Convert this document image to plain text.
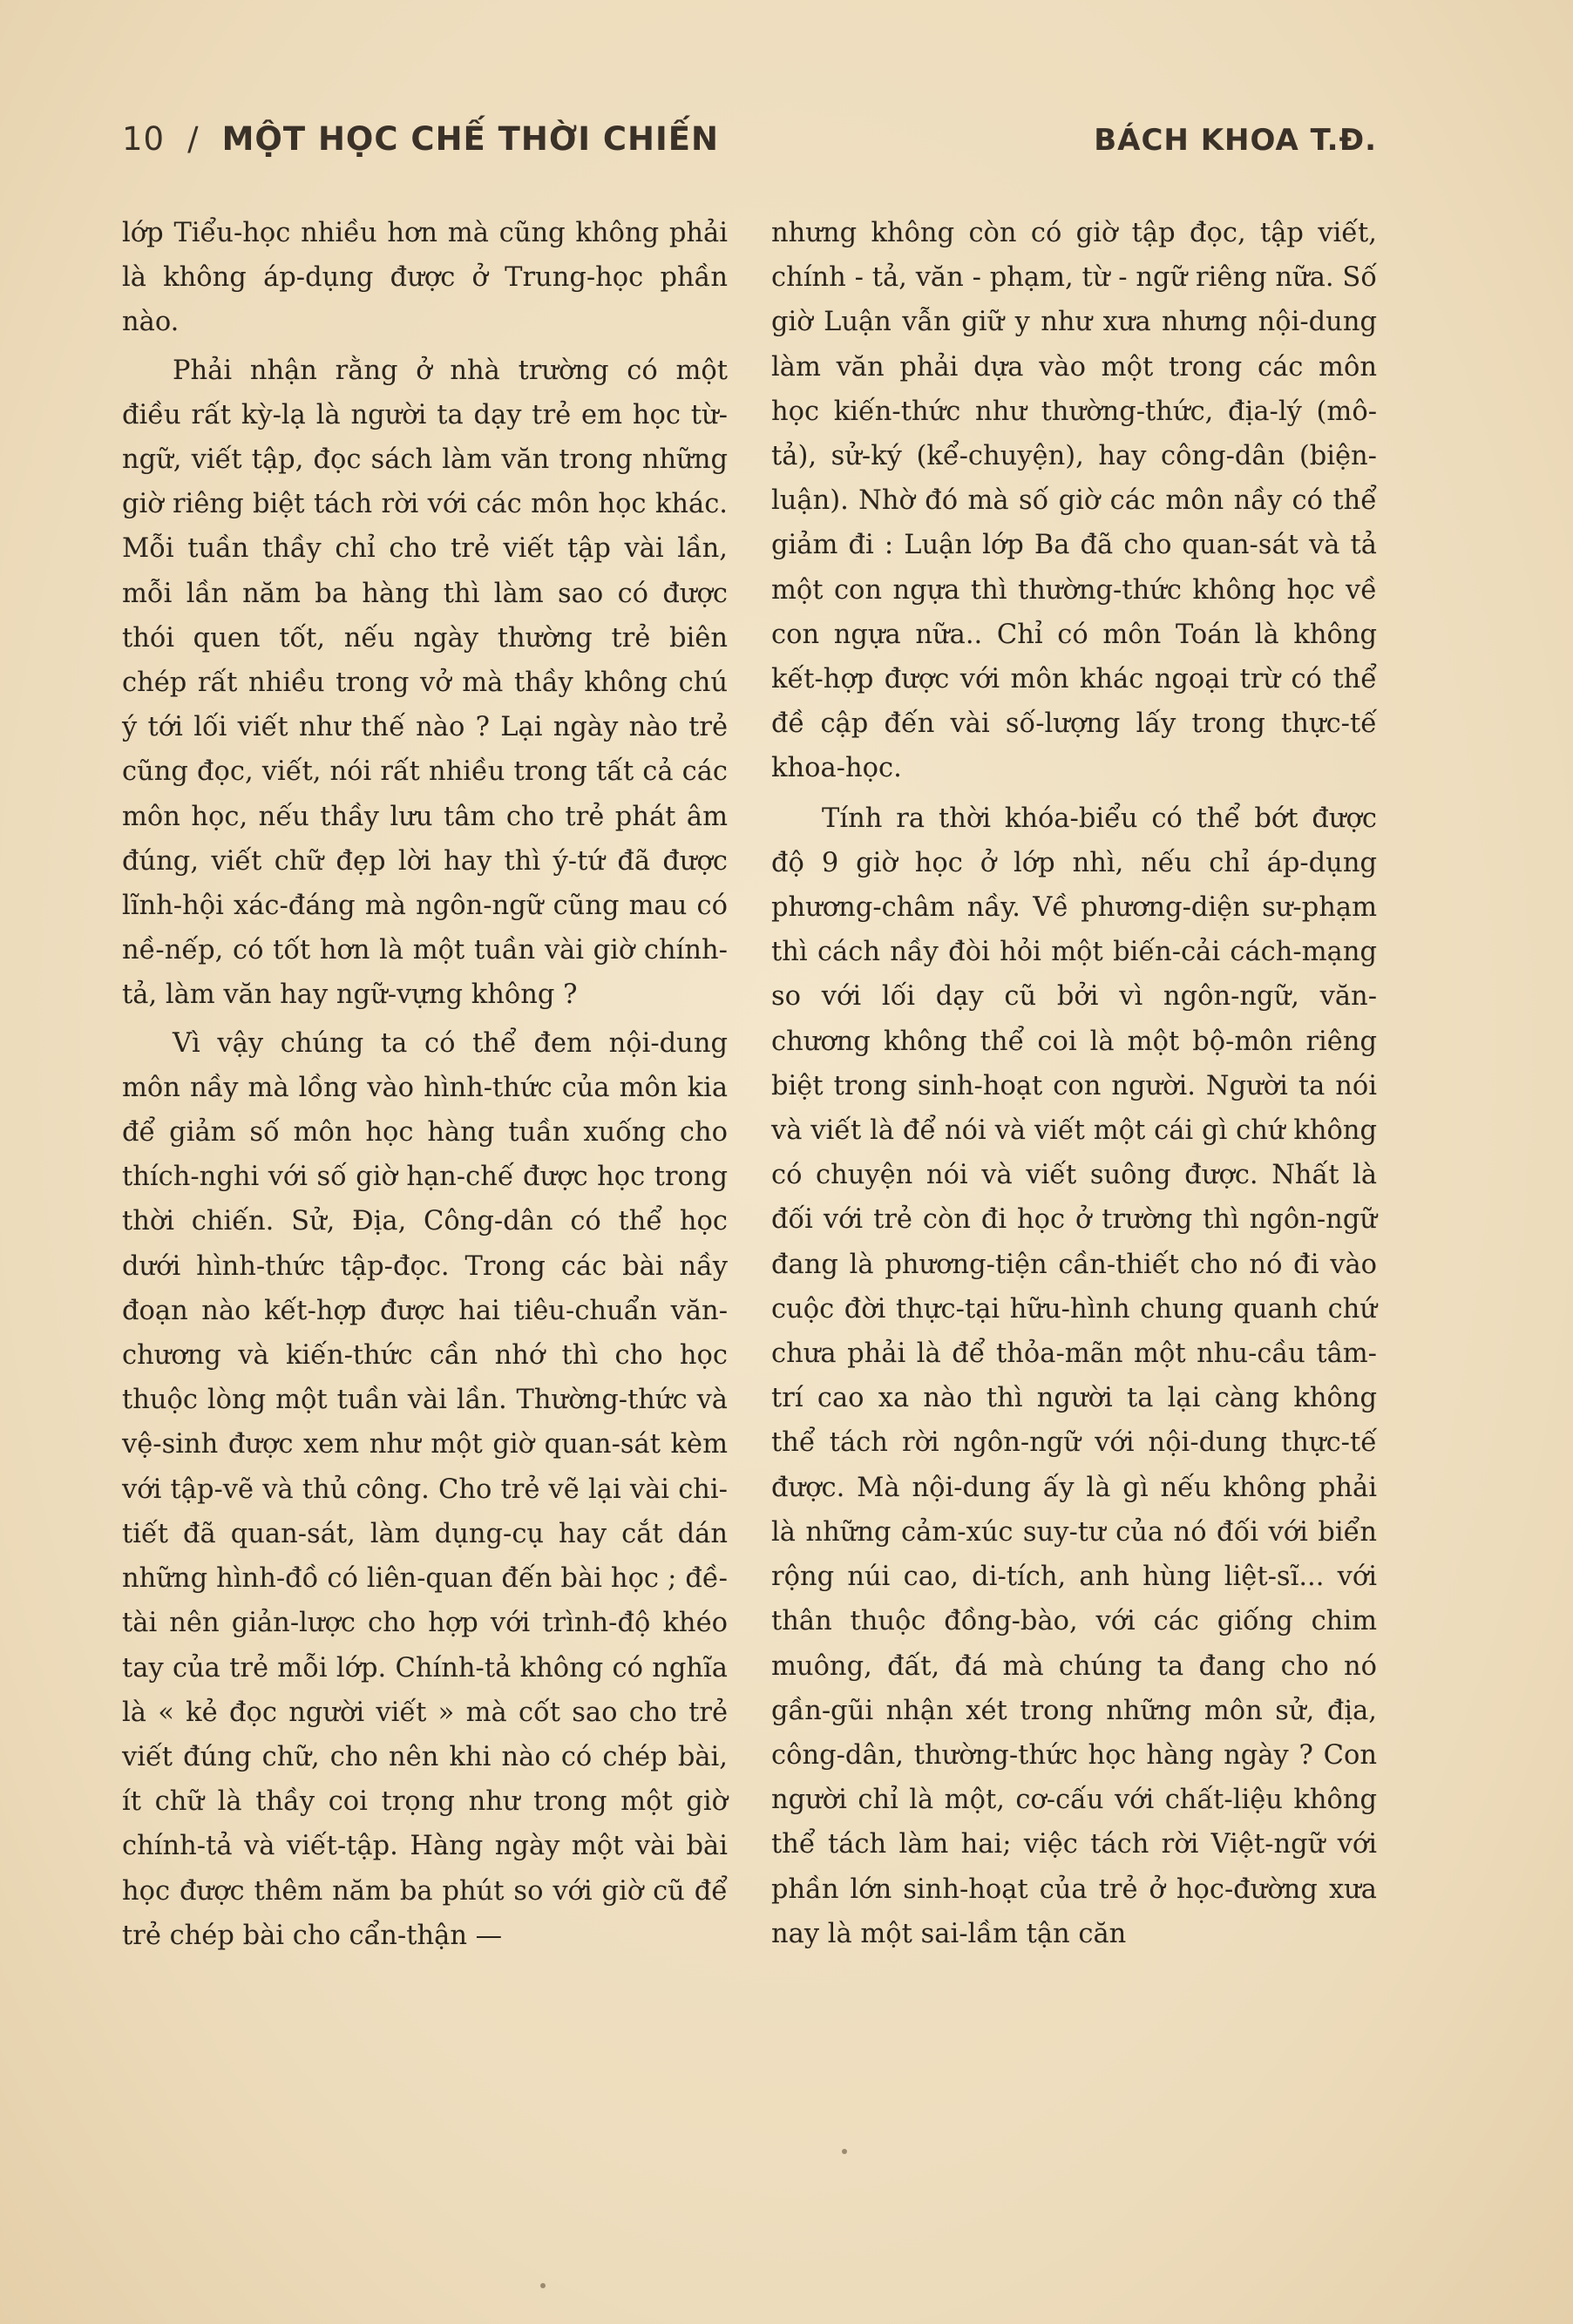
10 / MỘT HỌC CHẾ THỜI CHIẾN	BÁCH KHOA T.Đ.

lớp Tiểu-học nhiều hơn mà cũng không phải là không áp-dụng được ở Trung-học phần nào.

Phải nhận rằng ở nhà trường có một điều rất kỳ-lạ là người ta dạy trẻ em học từ-ngữ, viết tập, đọc sách làm văn trong những giờ riêng biệt tách rời với các môn học khác. Mỗi tuần thầy chỉ cho trẻ viết tập vài lần, mỗi lần năm ba hàng thì làm sao có được thói quen tốt, nếu ngày thường trẻ biên chép rất nhiều trong vở mà thầy không chú ý tới lối viết như thế nào ? Lại ngày nào trẻ cũng đọc, viết, nói rất nhiều trong tất cả các môn học, nếu thầy lưu tâm cho trẻ phát âm đúng, viết chữ đẹp lời hay thì ý-tứ đã được lĩnh-hội xác-đáng mà ngôn-ngữ cũng mau có nề-nếp, có tốt hơn là một tuần vài giờ chính-tả, làm văn hay ngữ-vựng không ?

Vì vậy chúng ta có thể đem nội-dung môn nầy mà lồng vào hình-thức của môn kia để giảm số môn học hàng tuần xuống cho thích-nghi với số giờ hạn-chế được học trong thời chiến. Sử, Địa, Công-dân có thể học dưới hình-thức tập-đọc. Trong các bài nầy đoạn nào kết-hợp được hai tiêu-chuẩn văn-chương và kiến-thức cần nhớ thì cho học thuộc lòng một tuần vài lần. Thường-thức và vệ-sinh được xem như một giờ quan-sát kèm với tập-vẽ và thủ công. Cho trẻ vẽ lại vài chi-tiết đã quan-sát, làm dụng-cụ hay cắt dán những hình-đồ có liên-quan đến bài học ; đề-tài nên giản-lược cho hợp với trình-độ khéo tay của trẻ mỗi lớp. Chính-tả không có nghĩa là « kẻ đọc người viết » mà cốt sao cho trẻ viết đúng chữ, cho nên khi nào có chép bài, ít chữ là thầy coi trọng như trong một giờ chính-tả và viết-tập. Hàng ngày một vài bài học được thêm năm ba phút so với giờ cũ để trẻ chép bài cho cẩn-thận —

nhưng không còn có giờ tập đọc, tập viết, chính - tả, văn - phạm, từ - ngữ riêng nữa. Số giờ Luận vẫn giữ y như xưa nhưng nội-dung làm văn phải dựa vào một trong các môn học kiến-thức như thường-thức, địa-lý (mô-tả), sử-ký (kể-chuyện), hay công-dân (biện-luận). Nhờ đó mà số giờ các môn nầy có thể giảm đi : Luận lớp Ba đã cho quan-sát và tả một con ngựa thì thường-thức không học về con ngựa nữa.. Chỉ có môn Toán là không kết-hợp được với môn khác ngoại trừ có thể đề cập đến vài số-lượng lấy trong thực-tế khoa-học.

Tính ra thời khóa-biểu có thể bớt được độ 9 giờ học ở lớp nhì, nếu chỉ áp-dụng phương-châm nầy. Về phương-diện sư-phạm thì cách nầy đòi hỏi một biến-cải cách-mạng so với lối dạy cũ bởi vì ngôn-ngữ, văn-chương không thể coi là một bộ-môn riêng biệt trong sinh-hoạt con người. Người ta nói và viết là để nói và viết một cái gì chứ không có chuyện nói và viết suông được. Nhất là đối với trẻ còn đi học ở trường thì ngôn-ngữ đang là phương-tiện cần-thiết cho nó đi vào cuộc đời thực-tại hữu-hình chung quanh chứ chưa phải là để thỏa-mãn một nhu-cầu tâm-trí cao xa nào thì người ta lại càng không thể tách rời ngôn-ngữ với nội-dung thực-tế được. Mà nội-dung ấy là gì nếu không phải là những cảm-xúc suy-tư của nó đối với biển rộng núi cao, di-tích, anh hùng liệt-sĩ... với thân thuộc đồng-bào, với các giống chim muông, đất, đá mà chúng ta đang cho nó gần-gũi nhận xét trong những môn sử, địa, công-dân, thường-thức học hàng ngày ? Con người chỉ là một, cơ-cấu với chất-liệu không thể tách làm hai; việc tách rời Việt-ngữ với phần lớn sinh-hoạt của trẻ ở học-đường xưa nay là một sai-lầm tận căn
